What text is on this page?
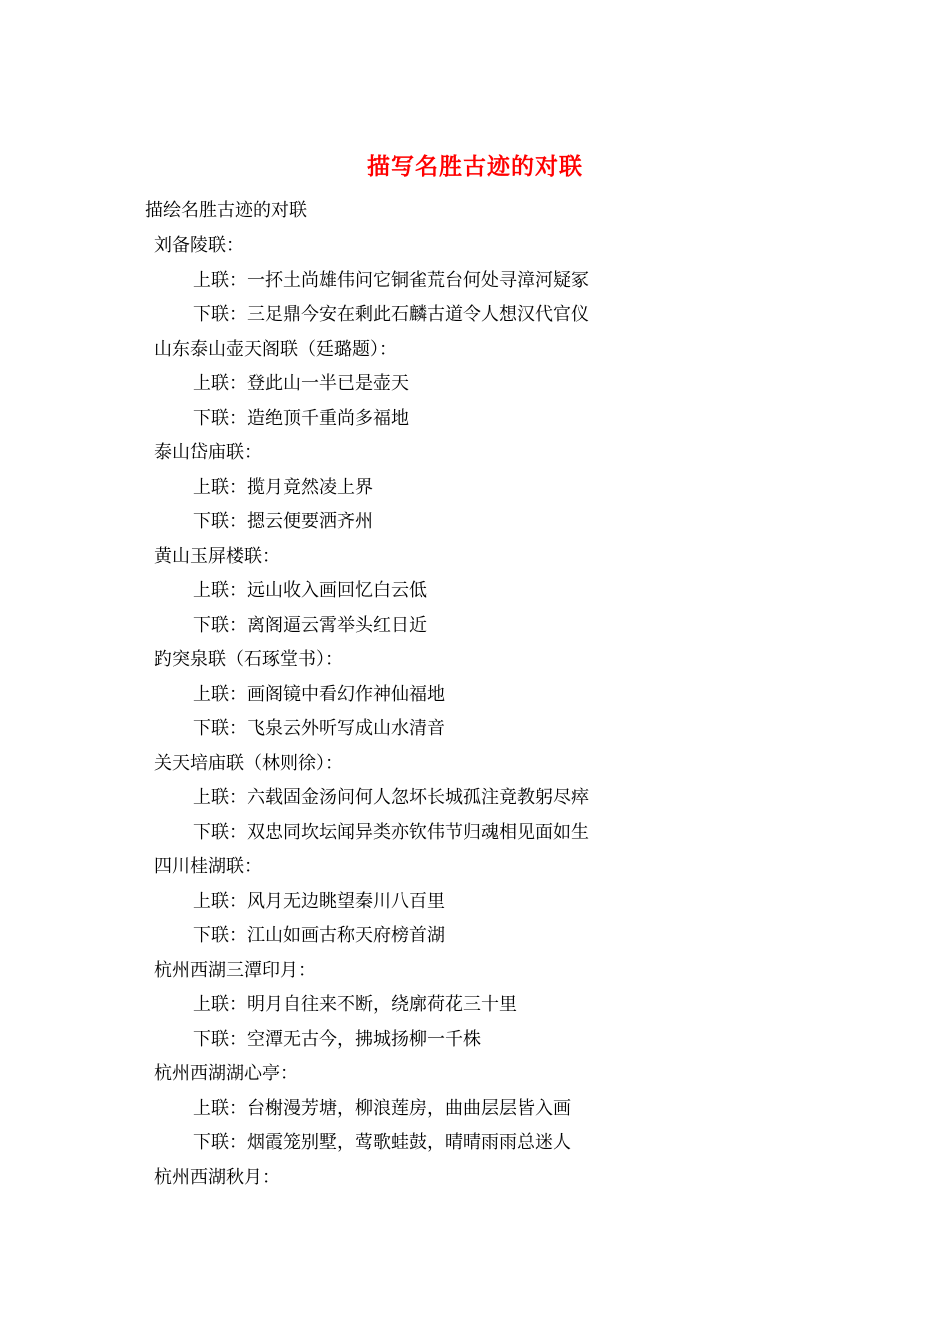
描写名胜古迹的对联
描绘名胜古迹的对联
刘备陵联：
上联：一抔土尚雄伟问它铜雀荒台何处寻漳河疑冢
下联：三足鼎今安在剩此石麟古道令人想汉代官仪
山东泰山壶天阁联（廷璐题）：
上联：登此山一半已是壶天
下联：造绝顶千重尚多福地
泰山岱庙联：
上联：揽月竟然凌上界
下联：摁云便要洒齐州
黄山玉屏楼联：
上联：远山收入画回忆白云低
下联：离阁逼云霄举头红日近
趵突泉联（石琢堂书）：
上联：画阁镜中看幻作神仙福地
下联：飞泉云外听写成山水清音
关天培庙联（林则徐）：
上联：六载固金汤问何人忽坏长城孤注竟教躬尽瘁
下联：双忠同坎坛闻异类亦钦伟节归魂相见面如生
四川桂湖联：
上联：风月无边眺望秦川八百里
下联：江山如画古称天府榜首湖
杭州西湖三潭印月：
上联：明月自往来不断，绕廓荷花三十里
下联：空潭无古今，拂城扬柳一千株
杭州西湖湖心亭：
上联：台榭漫芳塘，柳浪莲房，曲曲层层皆入画
下联：烟霞笼别墅，莺歌蛙鼓，晴晴雨雨总迷人
杭州西湖秋月：
